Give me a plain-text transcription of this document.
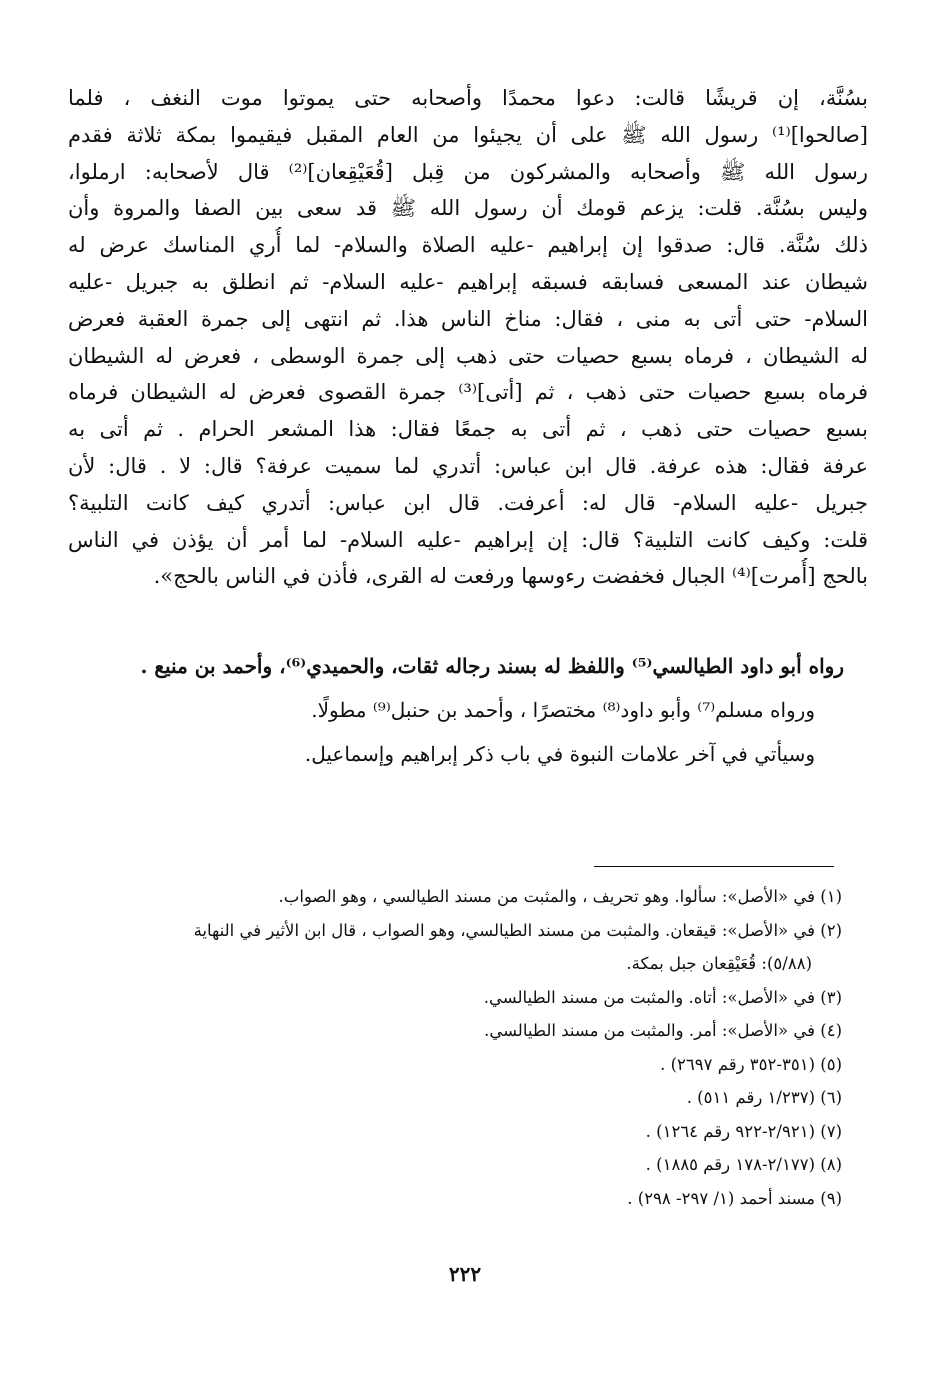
بسُنَّة، إن قريشًا قالت: دعوا محمدًا وأصحابه حتى يموتوا موت النغف ، فلما
[صالحوا]⁽¹⁾ رسول الله ﷺ على أن يجيئوا من العام المقبل فيقيموا بمكة ثلاثة فقدم
رسول الله ﷺ وأصحابه والمشركون من قِبل [قُعَيْقِعان]⁽²⁾ قال لأصحابه: ارملوا،
وليس بسُنَّة. قلت: يزعم قومك أن رسول الله ﷺ قد سعى بين الصفا والمروة وأن
ذلك سُنَّة. قال: صدقوا إن إبراهيم -عليه الصلاة والسلام- لما أُري المناسك عرض له
شيطان عند المسعى فسابقه فسبقه إبراهيم -عليه السلام- ثم انطلق به جبريل -عليه
السلام- حتى أتى به منى ، فقال: مناخ الناس هذا. ثم انتهى إلى جمرة العقبة فعرض
له الشيطان ، فرماه بسبع حصيات حتى ذهب إلى جمرة الوسطى ، فعرض له الشيطان
فرماه بسبع حصيات حتى ذهب ، ثم [أتى]⁽³⁾ جمرة القصوى فعرض له الشيطان فرماه
بسبع حصيات حتى ذهب ، ثم أتى به جمعًا فقال: هذا المشعر الحرام . ثم أتى به
عرفة فقال: هذه عرفة. قال ابن عباس: أتدري لما سميت عرفة؟ قال: لا . قال: لأن
جبريل -عليه السلام- قال له: أعرفت. قال ابن عباس: أتدري كيف كانت التلبية؟
قلت: وكيف كانت التلبية؟ قال: إن إبراهيم -عليه السلام- لما أمر أن يؤذن في الناس
بالحج [أُمرت]⁽⁴⁾ الجبال فخفضت رءوسها ورفعت له القرى، فأذن في الناس بالحج».

رواه أبو داود الطيالسي⁽⁵⁾ واللفظ له بسند رجاله ثقات، والحميدي⁽⁶⁾، وأحمد بن منيع .

ورواه مسلم⁽⁷⁾ وأبو داود⁽⁸⁾ مختصرًا ، وأحمد بن حنبل⁽⁹⁾ مطولًا.

وسيأتي في آخر علامات النبوة في باب ذكر إبراهيم وإسماعيل.

(١) في «الأصل»: سألوا. وهو تحريف ، والمثبت من مسند الطيالسي ، وهو الصواب.
(٢) في «الأصل»: قيقعان. والمثبت من مسند الطيالسي، وهو الصواب ، قال ابن الأثير في النهاية
(٥/٨٨): قُعَيْقِعان جبل بمكة.
(٣) في «الأصل»: أتاه. والمثبت من مسند الطيالسي.
(٤) في «الأصل»: أمر. والمثبت من مسند الطيالسي.
(٥) (٣٥١-٣٥٢ رقم ٢٦٩٧) .
(٦) (١/٢٣٧ رقم ٥١١) .
(٧) (٢/٩٢١-٩٢٢ رقم ١٢٦٤) .
(٨) (٢/١٧٧-١٧٨ رقم ١٨٨٥) .
(٩) مسند أحمد (١/ ٢٩٧- ٢٩٨) .
٢٢٢
